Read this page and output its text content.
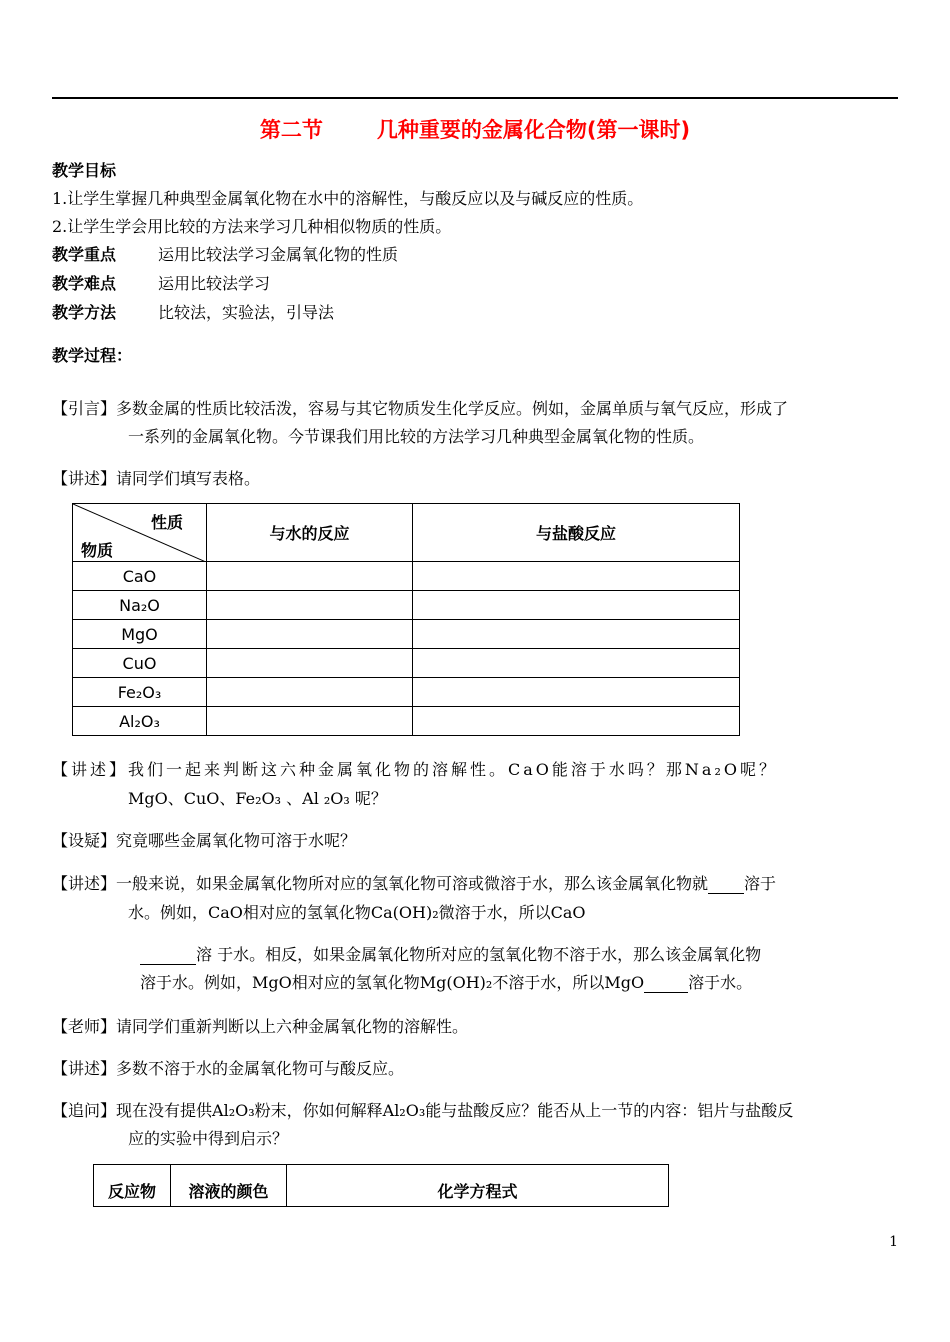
第二节	几种重要的金属化合物(第一课时)
教学目标
1.让学生掌握几种典型金属氧化物在水中的溶解性，与酸反应以及与碱反应的性质。
2.让学生学会用比较的方法来学习几种相似物质的性质。
教学重点	运用比较法学习金属氧化物的性质
教学难点	运用比较法学习
教学方法	比较法，实验法，引导法
教学过程：
【引言】多数金属的性质比较活泼，容易与其它物质发生化学反应。例如，金属单质与氧气反应，形成了
一系列的金属氧化物。今节课我们用比较的方法学习几种典型金属氧化物的性质。
【讲述】请同学们填写表格。
性质
物质	与水的反应	与盐酸反应
CaO		
Na₂O		
MgO		
CuO		
Fe₂O₃		
Al₂O₃		
【讲述】我们一起来判断这六种金属氧化物的溶解性。CaO能溶于水吗？那Na₂O呢？
MgO、CuO、Fe₂O₃ 、Al ₂O₃ 呢？
【设疑】究竟哪些金属氧化物可溶于水呢？
【讲述】一般来说，如果金属氧化物所对应的氢氧化物可溶或微溶于水，那么该金属氧化物就 溶于
水。例如，CaO相对应的氢氧化物Ca(OH)₂微溶于水，所以CaO
溶 于水。相反，如果金属氧化物所对应的氢氧化物不溶于水，那么该金属氧化物
溶于水。例如，MgO相对应的氢氧化物Mg(OH)₂不溶于水，所以MgO	溶于水。
【老师】请同学们重新判断以上六种金属氧化物的溶解性。
【讲述】多数不溶于水的金属氧化物可与酸反应。
【追问】现在没有提供Al₂O₃粉末，你如何解释Al₂O₃能与盐酸反应？能否从上一节的内容：铝片与盐酸反
应的实验中得到启示？
反应物	溶液的颜色	化学方程式
1
